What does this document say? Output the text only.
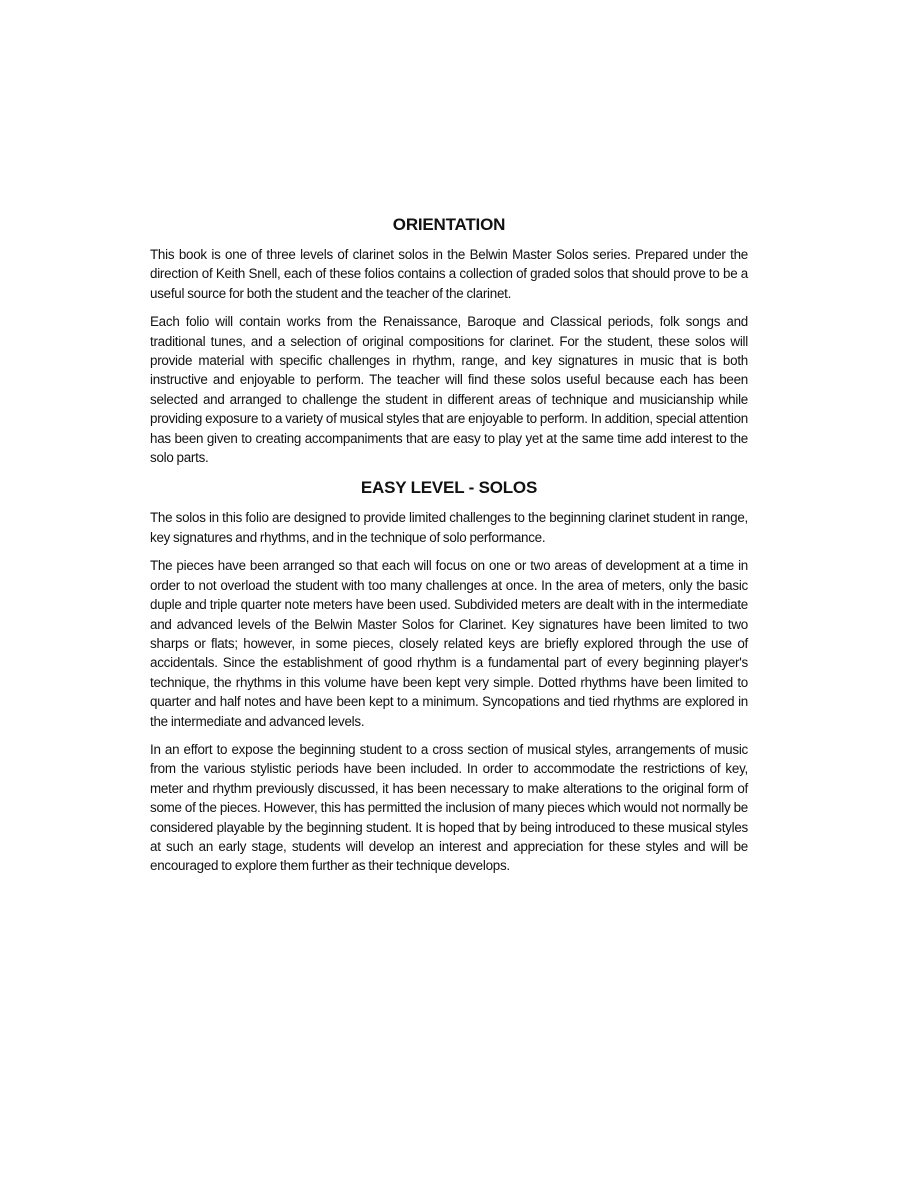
ORIENTATION

This book is one of three levels of clarinet solos in the Belwin Master Solos series. Prepared under the direction of Keith Snell, each of these folios contains a collection of graded solos that should prove to be a useful source for both the student and the teacher of the clarinet.

Each folio will contain works from the Renaissance, Baroque and Classical periods, folk songs and traditional tunes, and a selection of original compositions for clarinet. For the student, these solos will provide material with specific challenges in rhythm, range, and key signatures in music that is both instructive and enjoyable to perform. The teacher will find these solos useful because each has been selected and arranged to challenge the student in different areas of technique and musicianship while providing exposure to a variety of musical styles that are enjoyable to perform. In addition, special attention has been given to creating accompaniments that are easy to play yet at the same time add interest to the solo parts.

EASY LEVEL - SOLOS

The solos in this folio are designed to provide limited challenges to the beginning clarinet student in range, key signatures and rhythms, and in the technique of solo performance.

The pieces have been arranged so that each will focus on one or two areas of development at a time in order to not overload the student with too many challenges at once. In the area of meters, only the basic duple and triple quarter note meters have been used. Subdivided meters are dealt with in the intermediate and advanced levels of the Belwin Master Solos for Clarinet. Key signatures have been limited to two sharps or flats; however, in some pieces, closely related keys are briefly explored through the use of accidentals. Since the establishment of good rhythm is a fundamental part of every beginning player's technique, the rhythms in this volume have been kept very simple. Dotted rhythms have been limited to quarter and half notes and have been kept to a minimum. Syncopations and tied rhythms are explored in the intermediate and advanced levels.

In an effort to expose the beginning student to a cross section of musical styles, arrangements of music from the various stylistic periods have been included. In order to accommodate the restrictions of key, meter and rhythm previously discussed, it has been necessary to make alterations to the original form of some of the pieces. However, this has permitted the inclusion of many pieces which would not normally be considered playable by the beginning student. It is hoped that by being introduced to these musical styles at such an early stage, students will develop an interest and appreciation for these styles and will be encouraged to explore them further as their technique develops.
